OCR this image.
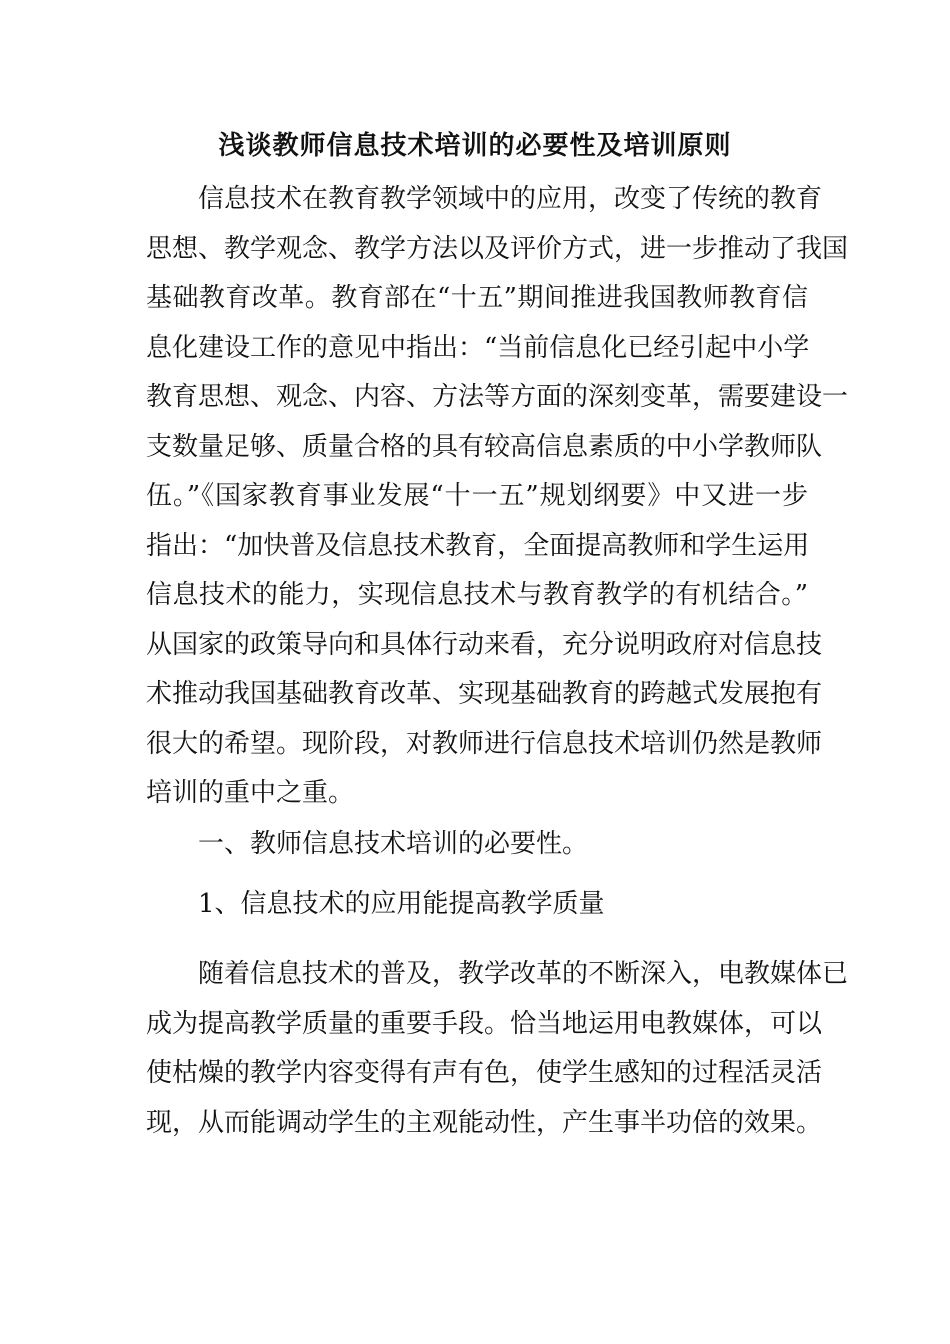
浅谈教师信息技术培训的必要性及培训原则
信息技术在教育教学领域中的应用，改变了传统的教育
思想、教学观念、教学方法以及评价方式，进一步推动了我国
基础教育改革。教育部在“十五”期间推进我国教师教育信
息化建设工作的意见中指出：“当前信息化已经引起中小学
教育思想、观念、内容、方法等方面的深刻变革，需要建设一
支数量足够、质量合格的具有较高信息素质的中小学教师队
伍。”《国家教育事业发展“十一五”规划纲要》中又进一步
指出：“加快普及信息技术教育，全面提高教师和学生运用
信息技术的能力，实现信息技术与教育教学的有机结合。”
从国家的政策导向和具体行动来看，充分说明政府对信息技
术推动我国基础教育改革、实现基础教育的跨越式发展抱有
很大的希望。现阶段，对教师进行信息技术培训仍然是教师
培训的重中之重。
一、教师信息技术培训的必要性。
1、信息技术的应用能提高教学质量
随着信息技术的普及，教学改革的不断深入，电教媒体已
成为提高教学质量的重要手段。恰当地运用电教媒体，可以
使枯燥的教学内容变得有声有色，使学生感知的过程活灵活
现，从而能调动学生的主观能动性，产生事半功倍的效果。
